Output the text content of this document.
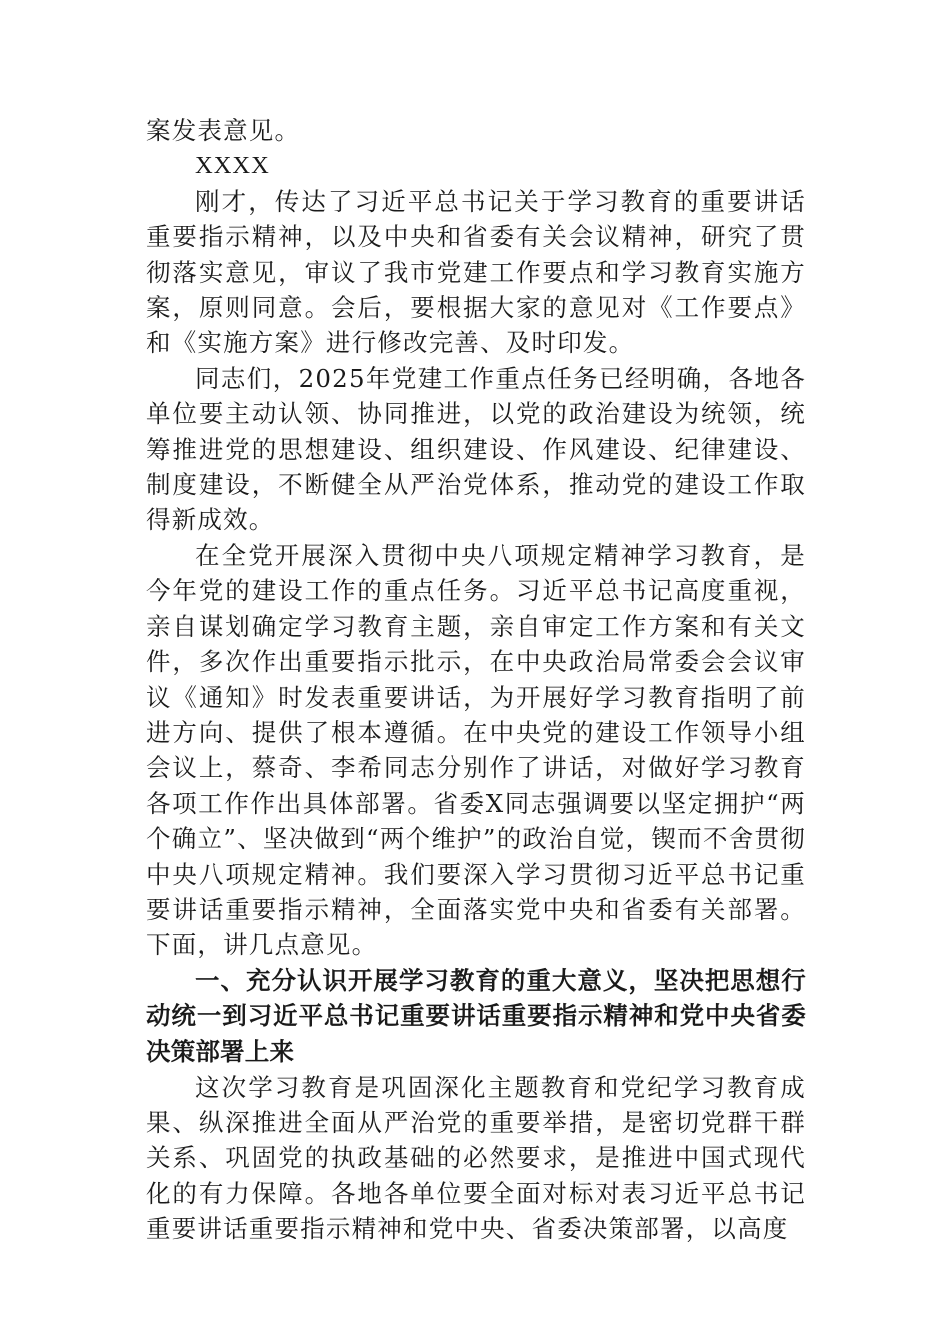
案发表意见。

XXXX

刚才，传达了习近平总书记关于学习教育的重要讲话重要指示精神，以及中央和省委有关会议精神，研究了贯彻落实意见，审议了我市党建工作要点和学习教育实施方案，原则同意。会后，要根据大家的意见对《工作要点》和《实施方案》进行修改完善、及时印发。

同志们，2025年党建工作重点任务已经明确，各地各单位要主动认领、协同推进，以党的政治建设为统领，统筹推进党的思想建设、组织建设、作风建设、纪律建设、制度建设，不断健全从严治党体系，推动党的建设工作取得新成效。

在全党开展深入贯彻中央八项规定精神学习教育，是今年党的建设工作的重点任务。习近平总书记高度重视，亲自谋划确定学习教育主题，亲自审定工作方案和有关文件，多次作出重要指示批示，在中央政治局常委会会议审议《通知》时发表重要讲话，为开展好学习教育指明了前进方向、提供了根本遵循。在中央党的建设工作领导小组会议上，蔡奇、李希同志分别作了讲话，对做好学习教育各项工作作出具体部署。省委X同志强调要以坚定拥护“两个确立”、坚决做到“两个维护”的政治自觉，锲而不舍贯彻中央八项规定精神。我们要深入学习贯彻习近平总书记重要讲话重要指示精神，全面落实党中央和省委有关部署。下面，讲几点意见。

一、充分认识开展学习教育的重大意义，坚决把思想行动统一到习近平总书记重要讲话重要指示精神和党中央省委决策部署上来

这次学习教育是巩固深化主题教育和党纪学习教育成果、纵深推进全面从严治党的重要举措，是密切党群干群关系、巩固党的执政基础的必然要求，是推进中国式现代化的有力保障。各地各单位要全面对标对表习近平总书记重要讲话重要指示精神和党中央、省委决策部署，以高度
